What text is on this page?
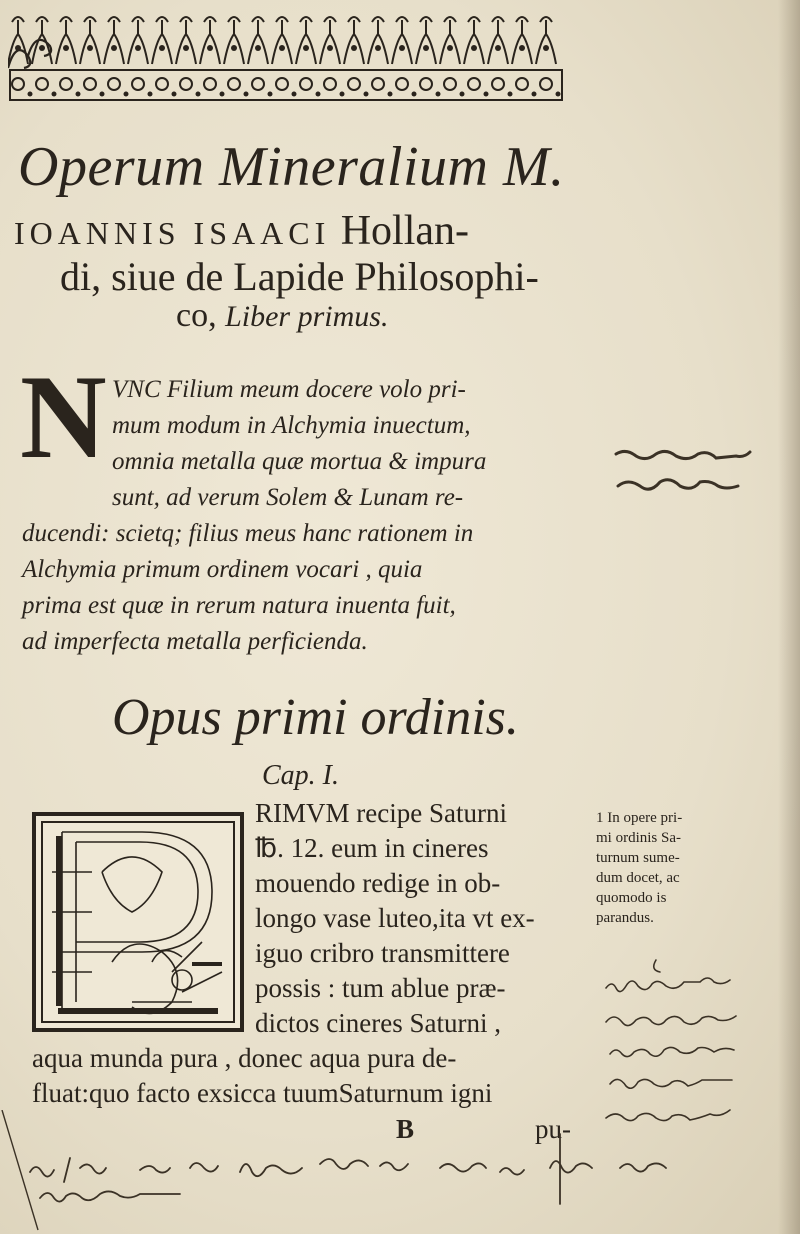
Operum Mineralium M.
IOANNIS ISAACI Hollan-
di, siue de Lapide Philosophi-
co, Liber primus.
N VNC Filium meum docere volo pri-
mum modum in Alchymia inuectum,
omnia metalla quæ mortua & impura
sunt, ad verum Solem & Lunam re-
ducendi: scietq; filius meus hanc rationem in
Alchymia primum ordinem vocari , quia
prima est quæ in rerum natura inuenta fuit,
ad imperfecta metalla perficienda.
Opus primi ordinis.
Cap. I.
RIMVM recipe Saturni
℔. 12. eum in cineres
mouendo redige in ob-
longo vase luteo,ita vt ex-
iguo cribro transmittere
possis : tum ablue præ-
dictos cineres Saturni ,
aqua munda pura , donec aqua pura de-
fluat:quo facto exsicca tuumSaturnum igni
B	pu-
1 In opere pri-
mi ordinis Sa-
turnum sume-
dum docet, ac
quomodo is
parandus.
